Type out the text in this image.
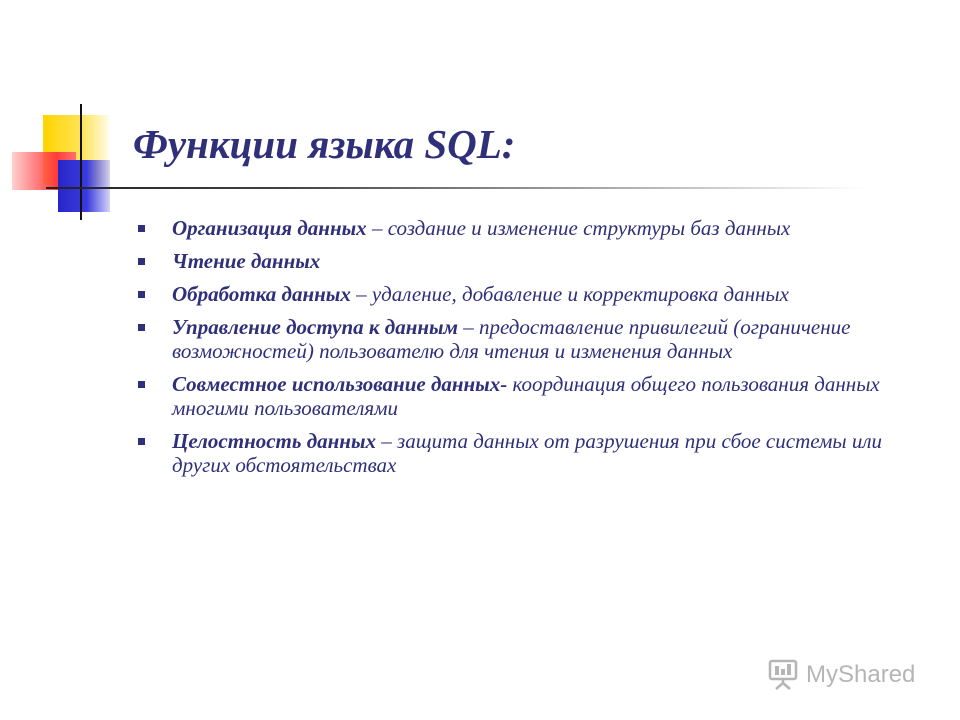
Функции языка SQL:
Организация данных – создание и изменение структуры баз данных
Чтение данных
Обработка данных – удаление, добавление и корректировка данных
Управление доступа к данным – предоставление привилегий (ограничение возможностей) пользователю для чтения и изменения данных
Совместное использование данных- координация общего пользования данных многими пользователями
Целостность данных – защита данных от разрушения при сбое системы или других обстоятельствах
MyShared
